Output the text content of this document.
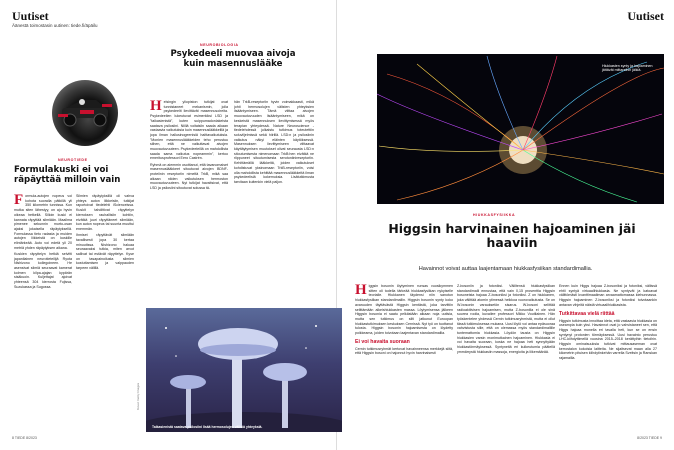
Uutiset
Äänestä toimostasin uutinen: tiede.fi/äpäilu
NEUROTIEDE
Formulakuski ei voi räpäyttää milloin vain

Formula-autojen nopeus voi kohota suoralla pätkillä yli 350 kilometrin tunnissa. Kun mutka siten lähestyy, on ajo hyvin oikeaa hetkellä. Silloin kuski ei kannata räpyttää silmiään. Maailma pimenee sekunnin murto-osan ajaksi jokaisella räpäytyksellä. Formulassa tieto radasta ja muiden autojen liikkeistä on kuskille elintärkeää. Auto voi edetä yli 20 metriä yhden räpäytyksen aikana.

Kuskien räpyttelyn hetkiä selvitti japanilainen neurotieteilijä Ryota Nishizono kollegoineen. He asensivat silmiä seuraavat kamerat kolmen kilpa-ajajan kypärän sisäkuoin. Kuljettajat ajoivat yhteensä 304 kierrosta Fujissa, Suzukassa ja Sugossa.

Silmien räpäytyksillä oli vahva yhteys auton liikkeisiin, tutkijat raportoivat tiedelehti iScienceissa. Kuskit tahdittivat räpyttelyn kierroksen rauhallisiin kohtiin, eivätkä juuri räpyttäneet silmiään, kun auton nopeus tai suunta muuttui enemmän.

Ihmiset räpyttävät silmiään tavallisesti jopa 30 kertaa minuutissa. Nishizono haluaa seuraavaksi tutkia, miten arvot sallivat tai estävät räpyttelyn. Kyse on tasapainoilusta silmien kostuttamisen ja valppauden tarpeen välillä.

NEUROBIOLOGIA
Psykedeeli muovaa aivoja kuin masennuslääke

Helsingin yliopiston tutkijat ovat tunnistaneet mekanismin, jolla psykedeelit lievittävät masennusoireita. Psykedeelien lukeutuvat esimerkiksi LSD ja "taikasienistä", kuten suippumadonlakeista saatava psilosiini. Niillä voitaisiin saada aikaan vastaavia vaikutuksia kuin masennuslääkkeillä ja jopa ilman hallusinogeenisiä haittavaikutuksia. "Monien masennuslääkkeiden teho perustuu siihen, että ne vaikuttavat aivojen muovautuvuuteen. Psykedeeleillä on mahdollista saada sama vaikutus nopeammin", kertoo emeritusprofessori Eero Castrén.

Ryhmä on aiemmin osoittanut, että tavanomaiset masennuslääkkeet sitoutuvat aivojen BDNF-proteiinin reseptoriin nimeltä TrkB, mikä saa aikaan niiden vaikutuksen hermoston muovautuvuuteen. Nyt tutkijat havaitsivat, että LSD ja psilosiini sitoutuvat solussa tä-

hän TrkB-reseptoriin hyvin voimakkaasti, mikä johti hermosolujen välisten yhteyksien lisääntymiseen. Tämä viittaa aivojen muovautuvuuden lisääntymiseen, mikä on keskeistä masennuksen lievittymisessä myös terapian yhteydessä. Nature Neuroscience -tiedelehdessä julkaistu tutkimus toteutettiin soluviljelmissä sekä hiirillä. LSD:n ja psilosiinin vaikutus näkyi eläinten käytöksessä. Masennuksen lievittymiseen viittaavat käyttäytymisen muutokset olivat seurausta LSD:n sitoutumisesta nimenomaan TrkB:hen eivätkä ne riippuneet sitoutumisesta serotoniinireseptoriin. Kehittämällä lääkkeitä, joiden vaikutukset kohdistuvat yksinomaan TrkB-reseptoriin, voisi olla mahdollista kehittää masennuslääkkeitä ilman psykedeelisiä kokemuksia. Lisätutkimusta tarvitaan kuitenkin vielä paljon.

8 TIEDE 8/2023
Taikasienistä saatava psilosiini lisää hermosolujen välisiä yhteyksiä.
Kuvat: Getty Images
Uutiset
Hiukkasten synty ja hajoaminen jättävät mittareihin jälkiä.
HIUKKASFYSIIKKA
Higgsin harvinainen hajoaminen jäi haaviin
Havainnot voivat auttaa laajentamaan hiukkasfysiikan standardimallia.

Higgsin bosonin löytyminen runsas vuosikymmen sitten oli todella tärkeää hiukkasfysiikan nykyiselle teorialle. Hiukkanen täydensi niin sanotun hiukkasfysiikan standardimallin. Higgsin bosonin synty koko avaruuden täyttävästä Higgsin kentästä, joka tarvittiin selittämään alkeishiukkasten massa. Löytymisensa jälkeen Higgsin bosonia ei saatu pelkästään aikaan noja uutisia, mutta sen tutkimus on silti jatkunut Euroopan hiukkastutkimuksen keskuksen Cernissä. Nyt työ on tuottanut tulosta. Higgsin bosonin hajoamisesta on löydetty poikkeama, joiden toivotaan laajentavan standardimallia.

Ei voi havaita suoraan

Cernin tutkimusryhmät kertovat havainneensa merkkejä siitä, että Higgsin bosoni on hajonnut hyvin harvinaisesti

Z-bosoniin ja fotoniksi. Väliltensä hiukkasfysiikan standardimalli ennustaa, että vain 0,15 prosenttia Higgsin bosoneista hajoaa Z-bosoniksi ja fotoniksi. Z on hiukkanen, joka välittää atomin ytimessä heikkoa vuorovaikutusta. Se on W-bosonin varauksetön sisarus. W-bosoni selittää radioaktiivisen hajoamisen, mutta Z-bosonilla ei ole sinä suurea roolia, kuvailee professori Mikko Voutilainen. Hän työskentelee yhdessä Cernin tutkimusryhmistä, mutta ei ollut tässä tutkimuksessa mukana. Uusi löytö voi antaa epäsuoraa vahvistusta sille, että on olemassa myös standardimallille tuntemattomia hiukkasia. Löydön tausta on Higgsin hiukkasien varsin monimutkainen hajoaminen. Hiukkasia ei voi havaita suoraan, koska ne hajoaa heti synnyttyään hiukkastörmäyksessä. Syntyneitä eri kulkeutumia päätellä ymmärrystä hiukkasiin massoja, energioita ja liikemäärää.

Ennen kuin Higgs hajoaa Z-bosoniksi ja fotoniksi, väliissä ehtii syntyä virtuaalihiukkasia. Ne syntyvät ja katoavat välittömästi kvanttimaailman arvaamattomassa kiehunnassa. Higgsin hajoaminen Z-bosoniksi ja fotoniksi toivotaankin antavan vihjeitä näistä virtuaalihiukkasista.

Tutkittavaa vielä riittää

Higgsin tutkimusta innoittaa ideta, että vastaavia hiukkasia on useampia kuin yksi. Havainnot ovat jo vahvistaneet sen, että Higgs hajoaa monella eri tavalla heti, kun se on ensin syntynyt protonien törmäyksessä. Uusi havainto perustuu LHC-kiihdyttimellä vuosina 2015–2018 kerättyihin tietoihin. Higgsin ominaisuuksia tutkivat mittausaseman ovat kerrostalon kokoisia laitteita. Ne sijaitsevat maan alla 27 kilometrin pituisen kiihdytinkehän varrella Sveitsin ja Ranskan rajamailla.

8/2023 TIEDE 9
